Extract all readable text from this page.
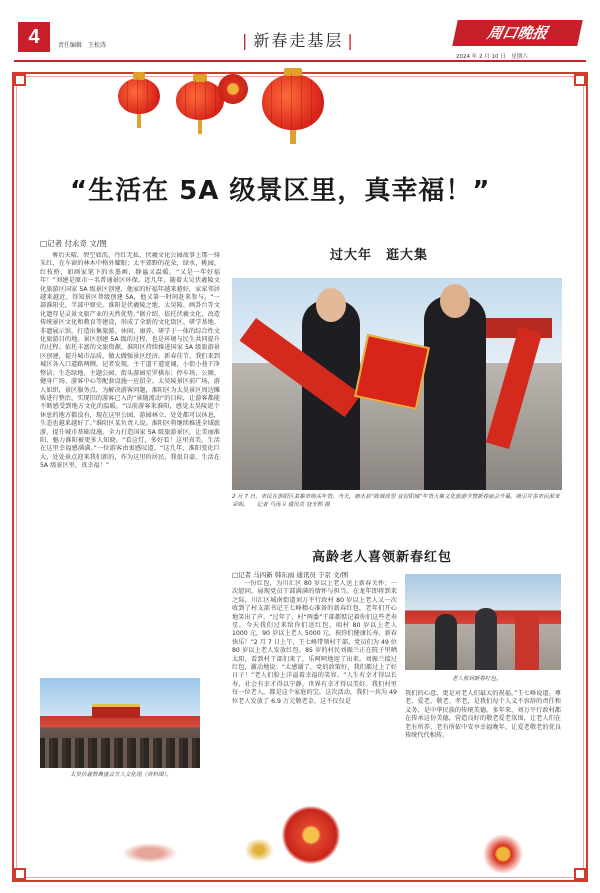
4	责任编辑　王松涛	| 新春走基层 |	周口晚报
2024 年 2 月 10 日　星期六
“生活在 5A 级景区里，真幸福！”
□记者 付永奇 文/图
雾后天晴，碧空如洗。丹红无私，伏羲文化公园故事上那一排朱红，在车窗的林木中格外耀眼；太平郊野的花朵，绿水、桃园、红枝桥，如画家笔下的水墨画，静谧又温暖。“又是一年好福年！”刘建是原市一名普通景区环保。近几年，随着太吴伏羲陵文化旅游区国家 5A 级景区创建，他家的好福年越来越好，家家邻居越来越近。得知景区普级创建 5A，他又第一时间赶来参与。“一部淮阳史，半部中原史。淮阳是伏羲陵之地，太昊陵、画卦台等文化遗存是灵景文旅产业的天然优势。”据介绍，依托伏羲文化，改造传统景区文化和教育等建设，形成了全新的文化街区、研学基地、非遗展示馆，打造出集旅游、休闲、康养、研学于一体的综合性文化旅游目的地。景区创建 5A 级的过程，也是环境与民生共同提升的过程。依托丰富的文旅资源，淮阳区持续推进国家 5A 级旅游景区创建，提升城市品质，做大做强景区经济。新春佳节，我们来到城区各入口道路两侧，记者发现，主干道干道宽阔，小街小巷干净整洁；生态绿地、主题公园、街头游园星罗棋布；停车场、公厕、健身广场、游客中心等配套设施一应俱全。太昊陵景区前广场，游人如织，景区服务点，为解决游客问题，淮阳区为太昊景区周边摊贩进行整治，实现旧的游客已入的“景随流动”的目标，让游客都能不断感受到地方文化的温暖。“以前游客来淮阳，感觉太昊陵逛个休息的地方都没有，现在这里公园、游园林立，处处都可以休息，生态也越来越好了。”淮阳区某负责人说。淮阳区将继续推进全域旅游，提升城市基础设施，全力打造国家 5A 级旅游景区，让美丽淮阳、魅力淮阳被更多人知晓。“看这灯，多好看！这里真美，生活在这里幸福感满满。”一位游客由衷感叹道。“这几年，淮阳变化巨大，处处景点迎来我们新的，作为这里的居民，我很自豪。生活在 5A 级景区里，真幸福！”
太昊伏羲祭典盛会万人文化现（资料图）。
过大年　逛大集
2 月 7 日，市民在淮阳区某集市购买年货。当天，商水县“陈城故里 宜居阳城”年货大集文化旅游节暨新春庙会开幕，吸引许多市民前来采购。　　记者 马汤卫 通讯员 寇玉辉 摄
高龄老人喜领新春红包
□记者 马四新 韩东雨 通讯员 于京 文/图
一份红包，为川汇区 80 岁以上老人送上新春关怀；一次慰问，展现党员干部满满的情怀与担当。在龙年即将到来之际，川汇区城南街道刘万平行政村 80 岁以上老人又一次收到了村支部书记王七峰精心准备的新春红包，老年们开心地笑出了声。“过年了，村“两委”干部都惦记着你们这些老寿星。今天我们过来给你们送红包。咱村 80 岁以上老人 1000 元，90 岁以上老人 5000 元，祝你们健康长寿、新春快乐！”2 月 7 日上午，王七峰带领村干部、党员们为 49 位 80 岁以上老人发放红包。85 岁的村民刘振兰正在院子里晒太阳，看到村干部们来了，乐呵呵地迎了出来。刘振兰接过红包，激动地说：“太感谢了，党的政策好，我们都过上了好日子！”老人们脸上洋溢着幸福的笑容。“人生有幸才得以长寿，社会有幸才得以宁静。世界有幸才得以美好。我们村里每一位老人，都是这个家庭的宝。这次活动，我们一共为 49 位老人发放了 6.9 万元敬老金，这不仅仅是
老人收到新春红包。
我们的心意，更是对老人们最大的祝福。”王七峰说道。尊老、爱老、敬老、孝老，是我们每个人义不容辞的责任和义务，是中华民族的传统美德。多年来，刘万平行政村都在传承这份美德，营造良好的敬老爱老氛围，让老人们在老有所养、老有所依中安享幸福晚年，让爱老敬老的优良传统代代相传。
